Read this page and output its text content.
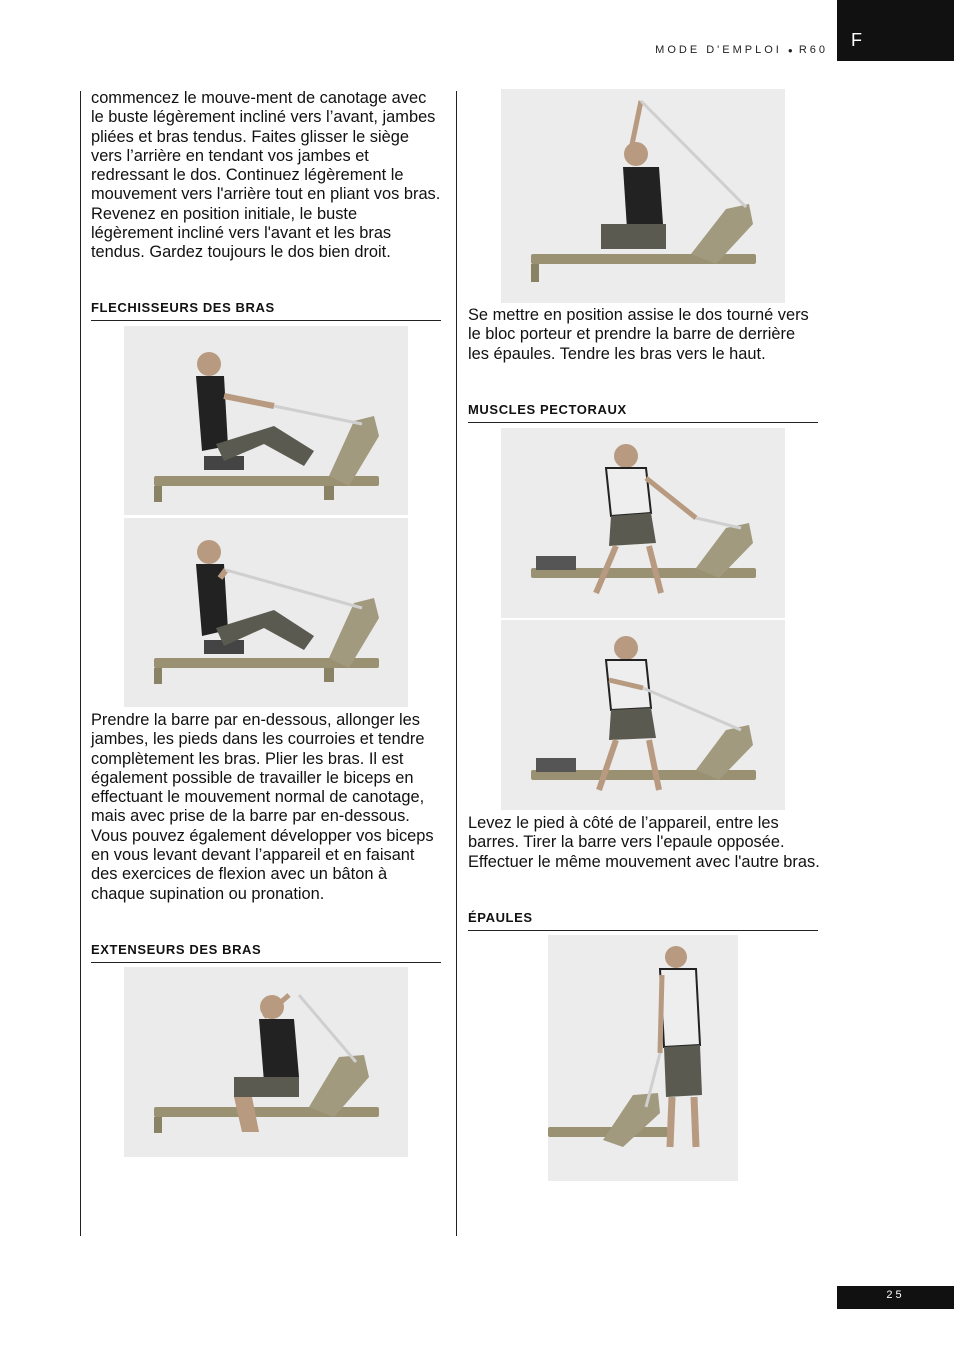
MODE D'EMPLOI ● R60 F

commencez le mouve-ment de canotage avec le buste légèrement incliné vers l’avant, jambes pliées et bras tendus. Faites glisser le siège vers l’arrière en tendant vos jambes et redressant le dos. Continuez légèrement le mouvement vers l'arrière tout en pliant vos bras. Revenez en position initiale, le buste légèrement incliné vers l'avant et les bras tendus. Gardez toujours le dos bien droit.

FLECHISSEURS DES BRAS

Prendre la barre par en-dessous, allonger les jambes, les pieds dans les courroies et tendre complètement les bras. Plier les bras. Il est également possible de travailler le biceps en effectuant le mouvement normal de canotage, mais avec prise de la barre par en-dessous. Vous pouvez également développer vos biceps en vous levant devant l’appareil et en faisant des exercices de flexion avec un bâton à chaque supination ou pronation.

EXTENSEURS DES BRAS

Se mettre en position assise le dos tourné vers le bloc porteur et prendre la barre de derrière les épaules. Tendre les bras vers le haut.

MUSCLES PECTORAUX

Levez le pied à côté de l’appareil, entre les barres. Tirer la barre vers l'epaule opposée. Effectuer le même mouvement avec l'autre bras.

ÉPAULES

25
